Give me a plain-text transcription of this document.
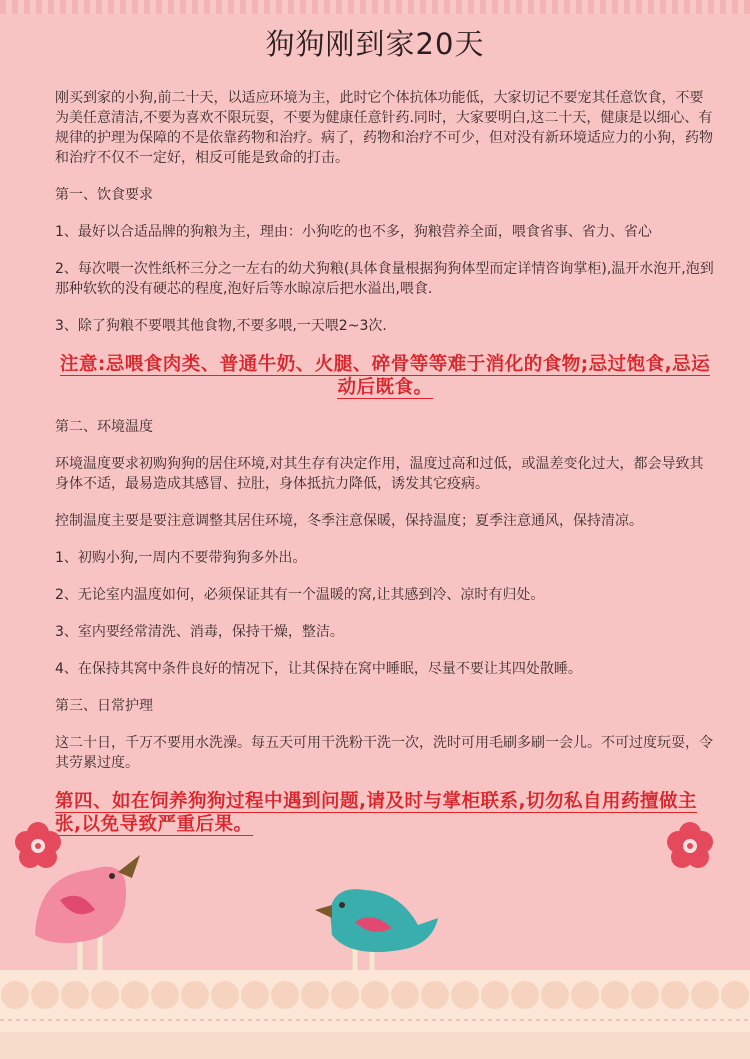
狗狗刚到家20天

刚买到家的小狗,前二十天，以适应环境为主，此时它个体抗体功能低，大家切记不要宠其任意饮食，不要为美任意清洁,不要为喜欢不限玩耍，不要为健康任意针药.同时，大家要明白,这二十天，健康是以细心、有规律的护理为保障的不是依靠药物和治疗。病了，药物和治疗不可少，但对没有新环境适应力的小狗，药物和治疗不仅不一定好，相反可能是致命的打击。

第一、饮食要求

1、最好以合适品牌的狗粮为主，理由：小狗吃的也不多，狗粮营养全面，喂食省事、省力、省心

2、每次喂一次性纸杯三分之一左右的幼犬狗粮(具体食量根据狗狗体型而定详情咨询掌柜),温开水泡开,泡到那种软软的没有硬芯的程度,泡好后等水晾凉后把水溢出,喂食.

3、除了狗粮不要喂其他食物,不要多喂,一天喂2~3次.

注意:忌喂食肉类、普通牛奶、火腿、碎骨等等难于消化的食物;忌过饱食,忌运动后既食。

第二、环境温度

环境温度要求初购狗狗的居住环境,对其生存有决定作用，温度过高和过低，或温差变化过大，都会导致其身体不适，最易造成其感冒、拉肚，身体抵抗力降低，诱发其它疫病。

控制温度主要是要注意调整其居住环境，冬季注意保暖，保持温度；夏季注意通风，保持清凉。

1、初购小狗,一周内不要带狗狗多外出。

2、无论室内温度如何，必须保证其有一个温暖的窝,让其感到冷、凉时有归处。

3、室内要经常清洗、消毒，保持干燥，整洁。

4、在保持其窝中条件良好的情况下，让其保持在窝中睡眠，尽量不要让其四处散睡。

第三、日常护理

这二十日，千万不要用水洗澡。每五天可用干洗粉干洗一次，洗时可用毛刷多刷一会儿。不可过度玩耍，令其劳累过度。

第四、如在饲养狗狗过程中遇到问题,请及时与掌柜联系,切勿私自用药擅做主张,以免导致严重后果。
